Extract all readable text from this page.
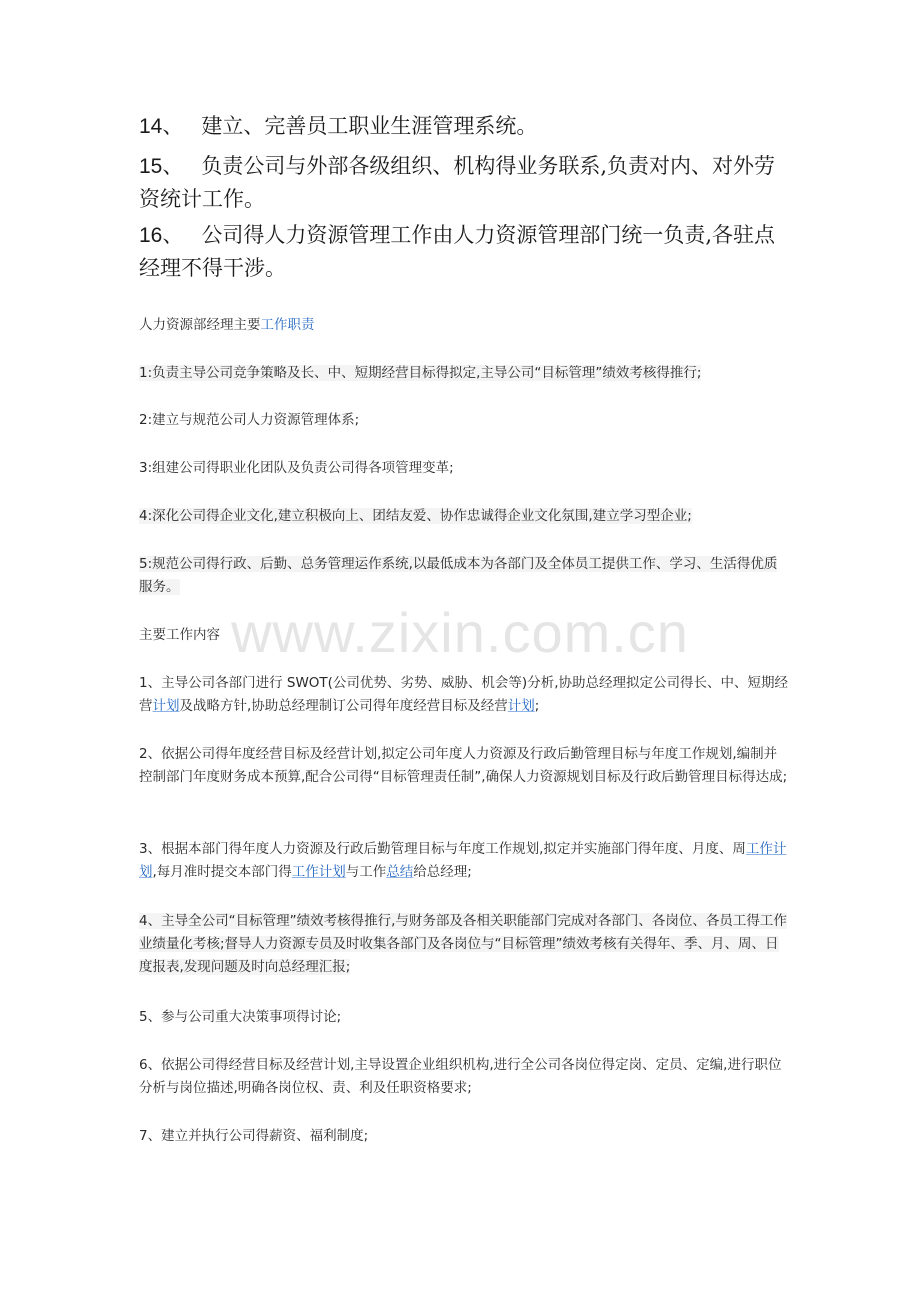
14、 建立、完善员工职业生涯管理系统。
15、 负责公司与外部各级组织、机构得业务联系,负责对内、对外劳资统计工作。
16、 公司得人力资源管理工作由人力资源管理部门统一负责,各驻点经理不得干涉。
人力资源部经理主要工作职责
1:负责主导公司竞争策略及长、中、短期经营目标得拟定,主导公司“目标管理”绩效考核得推行;
2:建立与规范公司人力资源管理体系;
3:组建公司得职业化团队及负责公司得各项管理变革;
4:深化公司得企业文化,建立积极向上、团结友爱、协作忠诚得企业文化氛围,建立学习型企业;
5:规范公司得行政、后勤、总务管理运作系统,以最低成本为各部门及全体员工提供工作、学习、生活得优质服务。
主要工作内容
1、主导公司各部门进行 SWOT(公司优势、劣势、威胁、机会等)分析,协助总经理拟定公司得长、中、短期经营计划及战略方针,协助总经理制订公司得年度经营目标及经营计划;
2、依据公司得年度经营目标及经营计划,拟定公司年度人力资源及行政后勤管理目标与年度工作规划,编制并控制部门年度财务成本预算,配合公司得“目标管理责任制”,确保人力资源规划目标及行政后勤管理目标得达成;
3、根据本部门得年度人力资源及行政后勤管理目标与年度工作规划,拟定并实施部门得年度、月度、周工作计划,每月准时提交本部门得工作计划与工作总结给总经理;
4、主导全公司“目标管理”绩效考核得推行,与财务部及各相关职能部门完成对各部门、各岗位、各员工得工作业绩量化考核;督导人力资源专员及时收集各部门及各岗位与“目标管理”绩效考核有关得年、季、月、周、日度报表,发现问题及时向总经理汇报;
5、参与公司重大决策事项得讨论;
6、依据公司得经营目标及经营计划,主导设置企业组织机构,进行全公司各岗位得定岗、定员、定编,进行职位分析与岗位描述,明确各岗位权、责、利及任职资格要求;
7、建立并执行公司得薪资、福利制度;
www.zixin.com.cn
